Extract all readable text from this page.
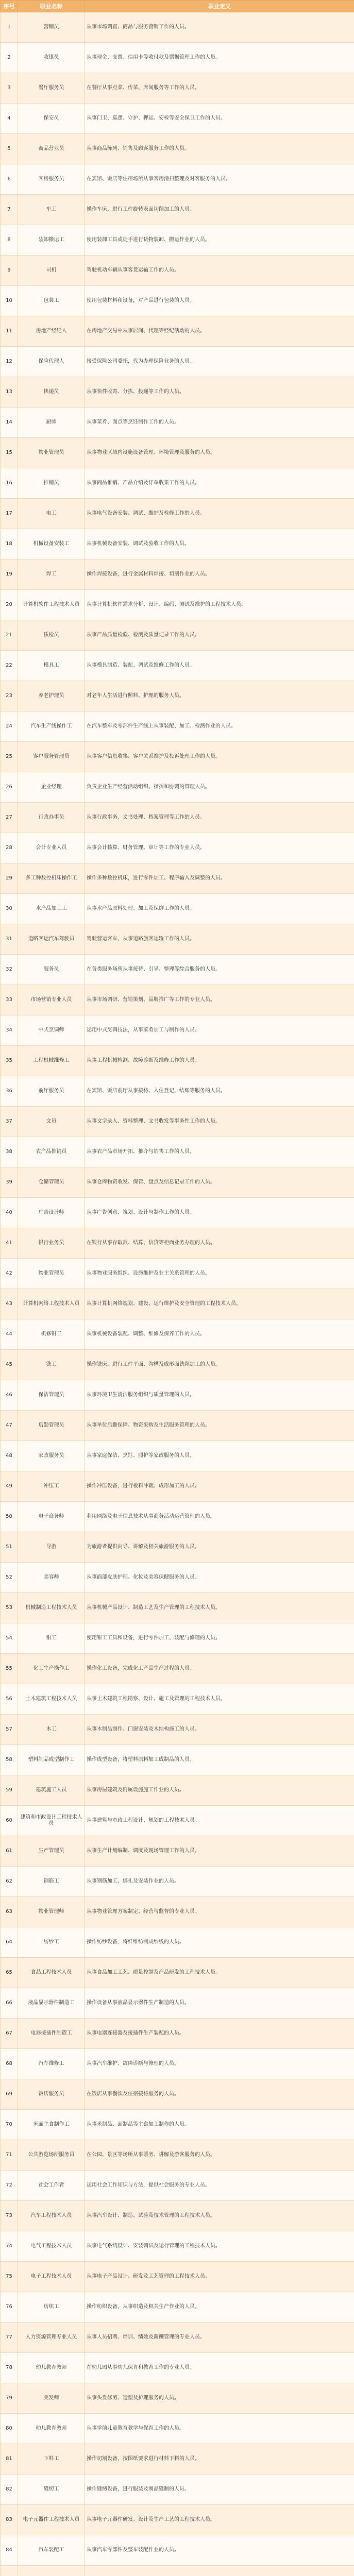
序号	职业名称	职业定义
1	营销员	从事市场调查、商品与服务营销工作的人员。
2	收银员	从事现金、支票、信用卡等收付款及票据管理工作的人员。
3	餐厅服务员	在餐厅从事点菜、传菜、席间服务等工作的人员。
4	保安员	从事门卫、巡逻、守护、押运、安检等安全保卫工作的人员。
5	商品营业员	从事商品陈列、销售及顾客服务工作的人员。
6	客房服务员	在宾馆、饭店等住宿场所从事客房清扫整理及对客服务的人员。
7	车工	操作车床，进行工件旋转表面切削加工的人员。
8	装卸搬运工	使用装卸工具或徒手进行货物装卸、搬运作业的人员。
9	司机	驾驶机动车辆从事客货运输工作的人员。
10	包装工	使用包装材料和设备，对产品进行包装的人员。
11	房地产经纪人	在房地产交易中从事居间、代理等经纪活动的人员。
12	保险代理人	接受保险公司委托，代为办理保险业务的人员。
13	快递员	从事快件收寄、分拣、投递等工作的人员。
14	厨师	从事菜肴、面点等烹饪制作工作的人员。
15	物业管理员	从事物业区域内设施设备管理、环境管理及服务的人员。
16	推销员	从事商品推销、产品介绍及订单收集工作的人员。
17	电工	从事电气设备安装、调试、维护及检修工作的人员。
18	机械设备安装工	从事机械设备安装、调试及验收工作的人员。
19	焊工	操作焊接设备，进行金属材料焊接、切割作业的人员。
20	计算机软件工程技术人员	从事计算机软件需求分析、设计、编码、测试及维护的工程技术人员。
21	质检员	从事产品质量检验、检测及质量记录工作的人员。
22	模具工	从事模具制造、装配、调试及维修工作的人员。
23	养老护理员	对老年人生活进行照料、护理的服务人员。
24	汽车生产线操作工	在汽车整车及零部件生产线上从事装配、加工、检测作业的人员。
25	客户服务管理员	从事客户信息收集、客户关系维护及投诉处理工作的人员。
26	企业经理	负责企业生产经营活动组织、指挥和协调的管理人员。
27	行政办事员	从事行政事务、文书处理、档案管理等工作的人员。
28	会计专业人员	从事会计核算、财务管理、审计等工作的专业人员。
29	多工种数控机床操作工	操作多种数控机床，进行零件加工、程序输入及调整的人员。
30	水产品加工工	从事水产品原料处理、加工及保鲜工作的人员。
31	道路客运汽车驾驶员	驾驶营运客车，从事道路旅客运输工作的人员。
32	服务员	在各类服务场所从事接待、引导、整理等综合服务的人员。
33	市场营销专业人员	从事市场调研、营销策划、品牌推广等工作的专业人员。
34	中式烹调师	运用中式烹调技法，从事菜肴加工与制作的人员。
35	工程机械维修工	从事工程机械检测、故障诊断及维修工作的人员。
36	前厅服务员	在宾馆、饭店前厅从事接待、入住登记、结账等服务的人员。
37	文员	从事文字录入、资料整理、文书收发等事务性工作的人员。
38	农产品推销员	从事农产品市场开拓、推介与销售工作的人员。
39	仓储管理员	从事仓库物资收发、保管、盘点及信息记录工作的人员。
40	广告设计师	从事广告创意、策划、设计与制作工作的人员。
41	银行业务员	在银行从事存取款、结算、信贷等柜面业务办理的人员。
42	物业管理员	从事物业服务组织、设施维护及业主关系管理的人员。
43	计算机网络工程技术人员	从事计算机网络规划、建设、运行维护及安全管理的工程技术人员。
44	机修钳工	从事机械设备装配、调整、维修及保养工作的人员。
45	铣工	操作铣床，进行工件平面、沟槽及成形面铣削加工的人员。
46	保洁管理员	从事环境卫生清洁服务组织与质量管理的人员。
47	后勤管理员	从事单位后勤保障、物资采购及生活服务管理的人员。
48	家政服务员	从事家庭保洁、烹饪、照护等家政服务的人员。
49	冲压工	操作冲压设备，进行板料冲裁、成形加工的人员。
50	电子商务师	利用网络及电子信息技术从事商务活动运营管理的人员。
51	导游	为旅游者提供向导、讲解及相关旅游服务的人员。
52	美容师	从事面部皮肤护理、化妆及美容保健服务的人员。
53	机械制造工程技术人员	从事机械产品设计、制造工艺及生产管理的工程技术人员。
54	钳工	使用钳工工具和设备，进行零件加工、装配与修理的人员。
55	化工生产操作工	操作化工设备，完成化工产品生产过程的人员。
56	土木建筑工程技术人员	从事土木建筑工程勘察、设计、施工及管理的工程技术人员。
57	木工	从事木制品制作、门窗安装及木结构施工的人员。
58	塑料制品成型制作工	操作成型设备，将塑料原料加工成制品的人员。
59	建筑施工人员	从事房屋建筑及附属设施施工作业的人员。
60	建筑和市政设计工程技术人员	从事建筑与市政工程设计、规划的工程技术人员。
61	生产管理员	从事生产计划编制、调度及现场管理工作的人员。
62	钢筋工	从事钢筋加工、绑扎及安装作业的人员。
63	物业管理师	从事物业管理方案制定、经营与监督的专业人员。
64	纺纱工	操作纺纱设备，将纤维纺制成纱线的人员。
65	食品工程技术人员	从事食品加工工艺、质量控制及产品研发的工程技术人员。
66	液晶显示器件制造工	操作设备从事液晶显示器件生产制造的人员。
67	电器接插件制造工	从事电器连接器及接插件生产装配的人员。
68	汽车维修工	从事汽车维护、故障诊断与修理的人员。
69	饭店服务员	在饭店从事餐饮及住宿接待服务的人员。
70	米面主食制作工	从事米制品、面制品等主食加工制作的人员。
71	公共游览场所服务员	在公园、景区等场所从事票务、讲解及游客服务的人员。
72	社会工作者	运用社会工作知识与方法，提供社会服务的专业人员。
73	汽车工程技术人员	从事汽车设计、制造、试验及技术管理的工程技术人员。
74	电气工程技术人员	从事电气系统设计、安装调试及运行管理的工程技术人员。
75	电子工程技术人员	从事电子产品设计、研发及工艺管理的工程技术人员。
76	纺织工	操作纺织设备，从事织造及相关生产作业的人员。
77	人力资源管理专业人员	从事人员招聘、培训、绩效及薪酬管理的专业人员。
78	幼儿教育教师	在幼儿园从事幼儿保育和教育工作的专业人员。
79	美发师	从事头发修剪、造型及护理服务的人员。
80	幼儿教育教师	从事学前儿童教育教学与保育工作的人员。
81	下料工	操作切割设备，按图纸要求进行材料下料的人员。
82	缝纫工	操作缝纫设备，进行服装及制品缝制的人员。
83	电子元器件工程技术人员	从事电子元器件研发、设计及生产工艺的工程技术人员。
84	汽车装配工	从事汽车零部件及整车装配作业的人员。
